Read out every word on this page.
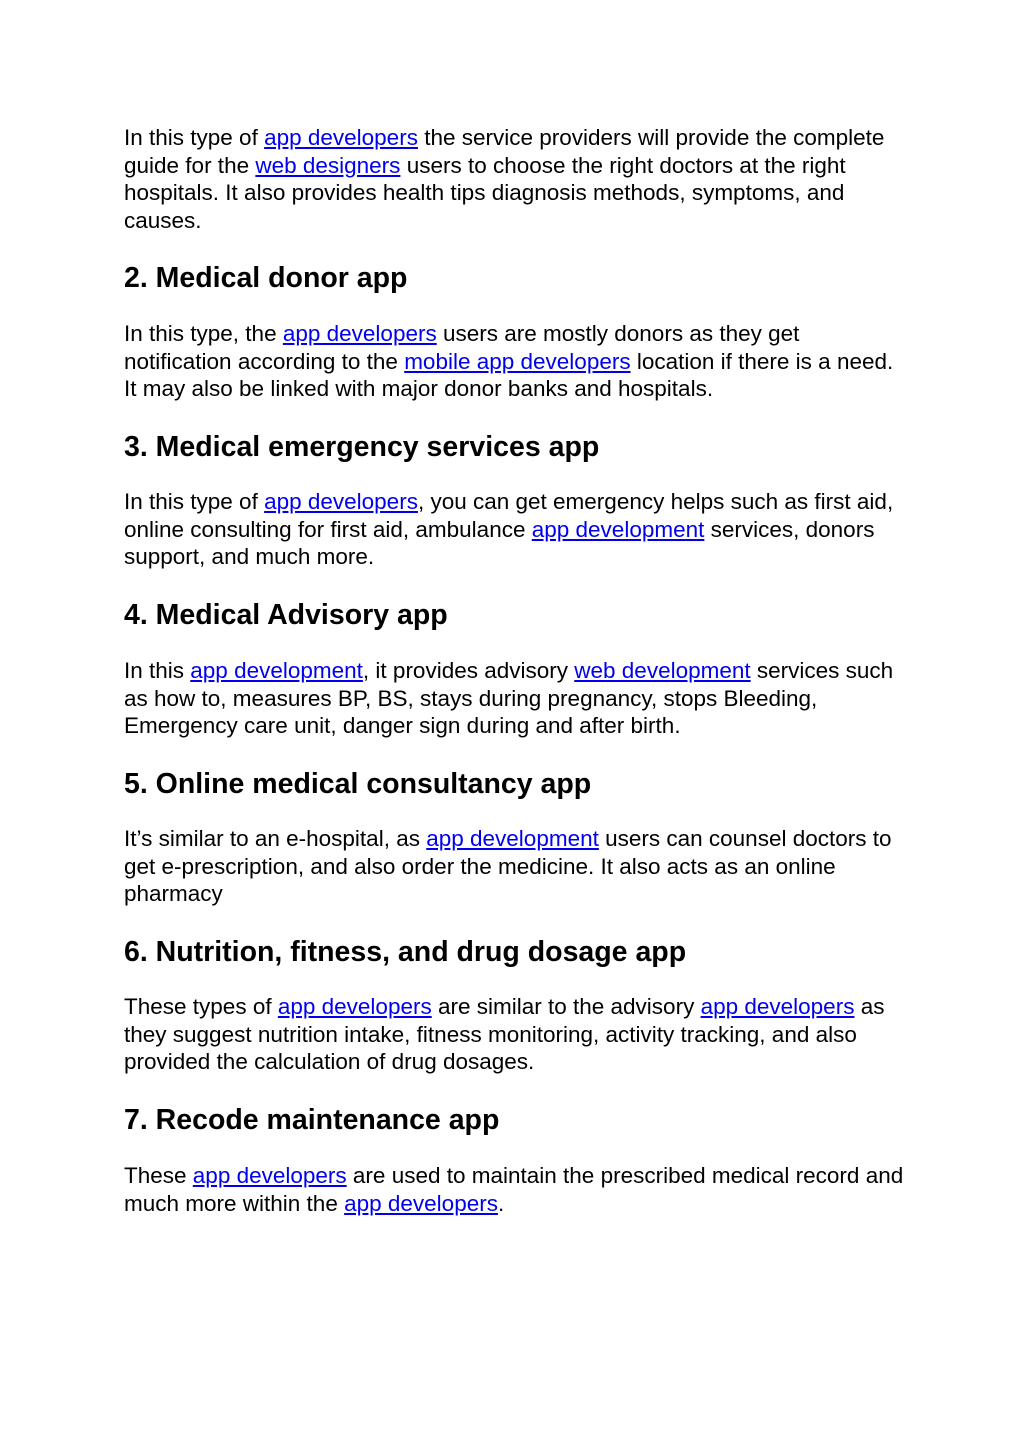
In this type of app developers the service providers will provide the complete guide for the web designers users to choose the right doctors at the right hospitals. It also provides health tips diagnosis methods, symptoms, and causes.

2. Medical donor app

In this type, the app developers users are mostly donors as they get notification according to the mobile app developers location if there is a need. It may also be linked with major donor banks and hospitals.

3. Medical emergency services app

In this type of app developers, you can get emergency helps such as first aid, online consulting for first aid, ambulance app development services, donors support, and much more.

4. Medical Advisory app

In this app development, it provides advisory web development services such as how to, measures BP, BS, stays during pregnancy, stops Bleeding, Emergency care unit, danger sign during and after birth.

5. Online medical consultancy app

It’s similar to an e-hospital, as app development users can counsel doctors to get e-prescription, and also order the medicine. It also acts as an online pharmacy

6. Nutrition, fitness, and drug dosage app

These types of app developers are similar to the advisory app developers as they suggest nutrition intake, fitness monitoring, activity tracking, and also provided the calculation of drug dosages.

7. Recode maintenance app

These app developers are used to maintain the prescribed medical record and much more within the app developers.
